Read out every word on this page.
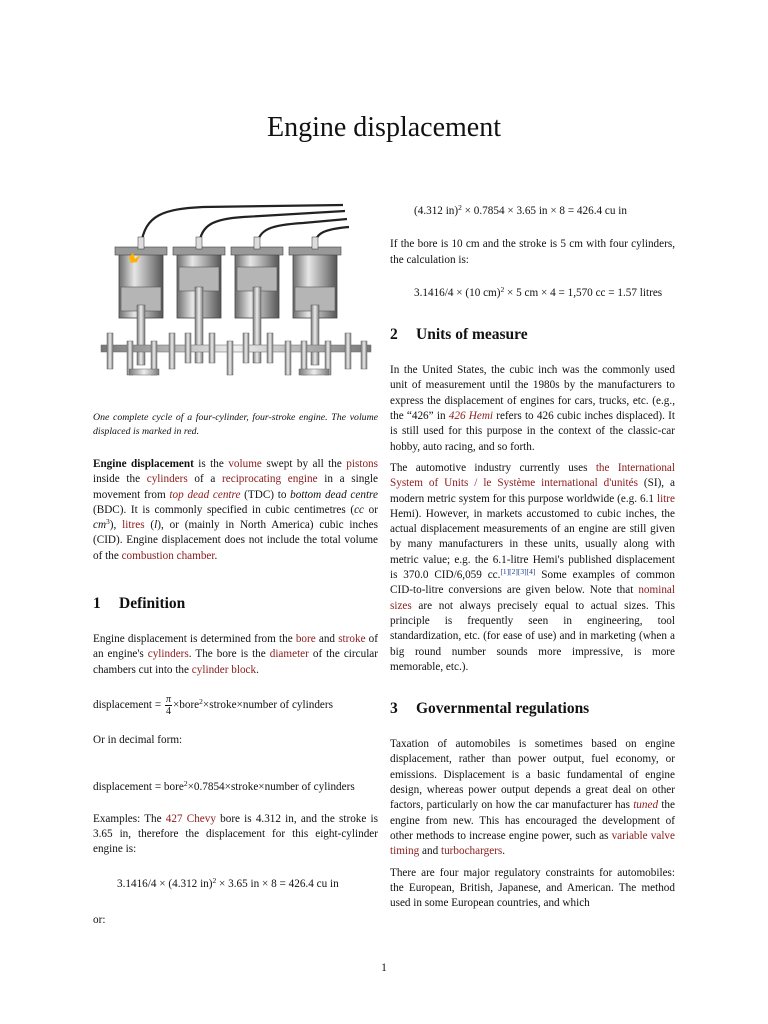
Engine displacement

One complete cycle of a four-cylinder, four-stroke engine. The volume displaced is marked in red.

Engine displacement is the volume swept by all the pistons inside the cylinders of a reciprocating engine in a single movement from top dead centre (TDC) to bottom dead centre (BDC). It is commonly specified in cubic centimetres (cc or $cm^3$), litres (l), or (mainly in North America) cubic inches (CID). Engine displacement does not include the total volume of the combustion chamber.

1 Definition

Engine displacement is determined from the bore and stroke of an engine's cylinders. The bore is the diameter of the circular chambers cut into the cylinder block.

displacement = $\frac{\pi}{4}$ ×bore$^2$×stroke×number of cylinders

Or in decimal form:

displacement = bore$^2$×0.7854×stroke×number of cylinders

Examples: The 427 Chevy bore is 4.312 in, and the stroke is 3.65 in, therefore the displacement for this eight-cylinder engine is:

3.1416/4 × (4.312 in)$^2$ × 3.65 in × 8 = 426.4 cu in

or:

(4.312 in)$^2$ × 0.7854 × 3.65 in × 8 = 426.4 cu in

If the bore is 10 cm and the stroke is 5 cm with four cylinders, the calculation is:

3.1416/4 × (10 cm)$^2$ × 5 cm × 4 = 1,570 cc = 1.57 litres

2 Units of measure

In the United States, the cubic inch was the commonly used unit of measurement until the 1980s by the manufacturers to express the displacement of engines for cars, trucks, etc. (e.g., the “426” in 426 Hemi refers to 426 cubic inches displaced). It is still used for this purpose in the context of the classic-car hobby, auto racing, and so forth.

The automotive industry currently uses the International System of Units / le Système international d'unités (SI), a modern metric system for this purpose worldwide (e.g. 6.1 litre Hemi). However, in markets accustomed to cubic inches, the actual displacement measurements of an engine are still given by many manufacturers in these units, usually along with metric value; e.g. the 6.1-litre Hemi's published displacement is 370.0 CID/6,059 cc.[1][2][3][4] Some examples of common CID-to-litre conversions are given below. Note that nominal sizes are not always precisely equal to actual sizes. This principle is frequently seen in engineering, tool standardization, etc. (for ease of use) and in marketing (when a big round number sounds more impressive, is more memorable, etc.).

3 Governmental regulations

Taxation of automobiles is sometimes based on engine displacement, rather than power output, fuel economy, or emissions. Displacement is a basic fundamental of engine design, whereas power output depends a great deal on other factors, particularly on how the car manufacturer has tuned the engine from new. This has encouraged the development of other methods to increase engine power, such as variable valve timing and turbochargers.

There are four major regulatory constraints for automobiles: the European, British, Japanese, and American. The method used in some European countries, and which

1
